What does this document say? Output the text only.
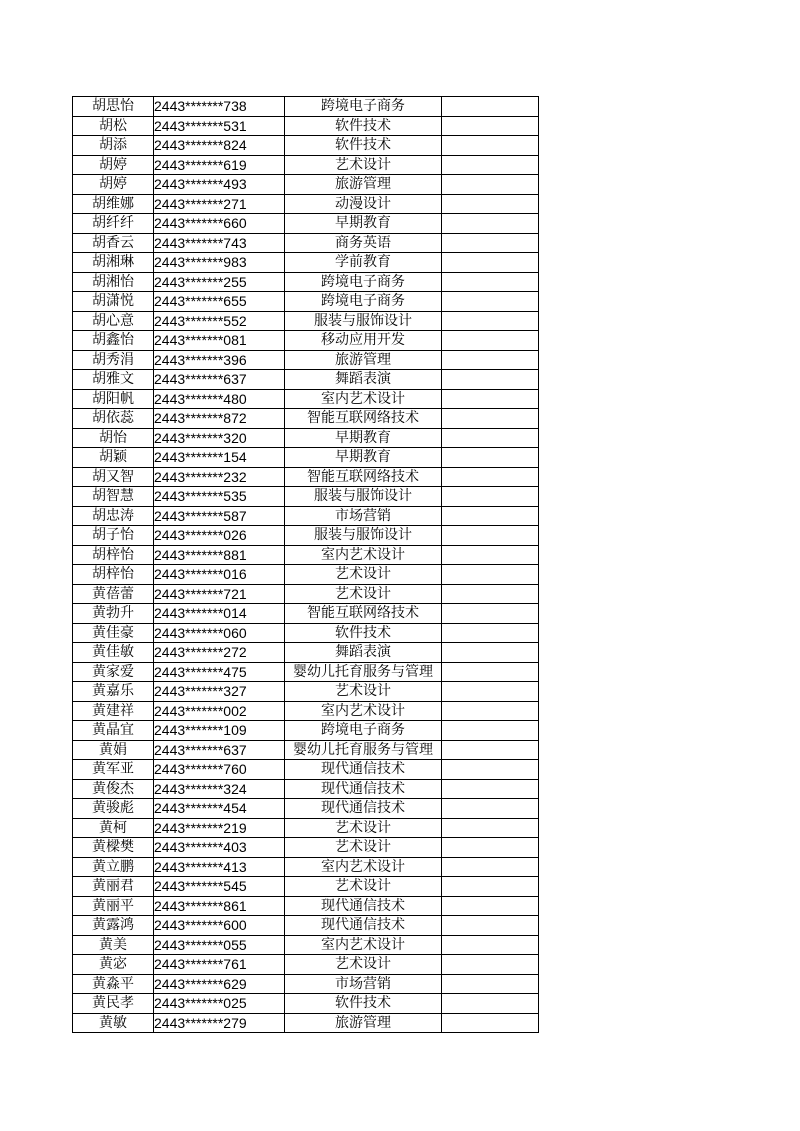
胡思怡	2443*******738	跨境电子商务	
胡松	2443*******531	软件技术	
胡添	2443*******824	软件技术	
胡婷	2443*******619	艺术设计	
胡婷	2443*******493	旅游管理	
胡维娜	2443*******271	动漫设计	
胡纤纤	2443*******660	早期教育	
胡香云	2443*******743	商务英语	
胡湘琳	2443*******983	学前教育	
胡湘怡	2443*******255	跨境电子商务	
胡潇悦	2443*******655	跨境电子商务	
胡心意	2443*******552	服装与服饰设计	
胡鑫怡	2443*******081	移动应用开发	
胡秀涓	2443*******396	旅游管理	
胡雅文	2443*******637	舞蹈表演	
胡阳帆	2443*******480	室内艺术设计	
胡依蕊	2443*******872	智能互联网络技术	
胡怡	2443*******320	早期教育	
胡颖	2443*******154	早期教育	
胡又智	2443*******232	智能互联网络技术	
胡智慧	2443*******535	服装与服饰设计	
胡忠涛	2443*******587	市场营销	
胡子怡	2443*******026	服装与服饰设计	
胡梓怡	2443*******881	室内艺术设计	
胡梓怡	2443*******016	艺术设计	
黄蓓蕾	2443*******721	艺术设计	
黄勃升	2443*******014	智能互联网络技术	
黄佳豪	2443*******060	软件技术	
黄佳敏	2443*******272	舞蹈表演	
黄家爱	2443*******475	婴幼儿托育服务与管理	
黄嘉乐	2443*******327	艺术设计	
黄建祥	2443*******002	室内艺术设计	
黄晶宜	2443*******109	跨境电子商务	
黄娟	2443*******637	婴幼儿托育服务与管理	
黄军亚	2443*******760	现代通信技术	
黄俊杰	2443*******324	现代通信技术	
黄骏彪	2443*******454	现代通信技术	
黄柯	2443*******219	艺术设计	
黄樑樊	2443*******403	艺术设计	
黄立鹏	2443*******413	室内艺术设计	
黄丽君	2443*******545	艺术设计	
黄丽平	2443*******861	现代通信技术	
黄露鸿	2443*******600	现代通信技术	
黄美	2443*******055	室内艺术设计	
黄宓	2443*******761	艺术设计	
黄淼平	2443*******629	市场营销	
黄民孝	2443*******025	软件技术	
黄敏	2443*******279	旅游管理	
